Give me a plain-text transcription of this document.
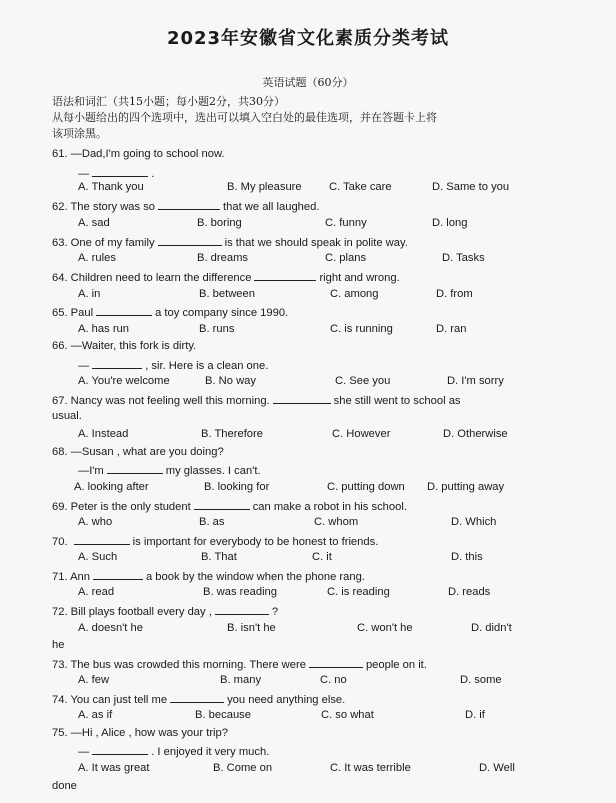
2023年安徽省文化素质分类考试
英语试题（60分）
语法和词汇（共15小题；每小题2分，共30分）
从每小题给出的四个选项中，选出可以填入空白处的最佳选项，并在答题卡上将
该项涂黑。
61. —Dad,I'm going to school now.
—	.
A. Thank you	B. My pleasure C. Take care	D. Same to you
62. The story was so	that we all laughed.
A. sad	B. boring	C. funny	D. long
63. One of my family	is that we should speak in polite way.
A. rules	B. dreams	C. plans	D. Tasks
64. Children need to learn the difference	right and wrong.
A. in	B. between	C. among	D. from
65. Paul	a toy company since 1990.
A. has run	B. runs	C. is running	D. ran
66. —Waiter, this fork is dirty.
—	, sir. Here is a clean one.
A. You're welcome	B. No way	C. See you	D. I'm sorry
67. Nancy was not feeling well this morning.	she still went to school as
usual.
A. Instead	B. Therefore	C. However	D. Otherwise
68. —Susan , what are you doing?
—I'm	my glasses. I can't.
A. looking after	B. looking for	C. putting down D. putting away
69. Peter is the only student	can make a robot in his school.
A. who	B. as	C. whom	D. Which
70.	is important for everybody to be honest to friends.
A. Such	B. That	C. it	D. this
71. Ann	a book by the window when the phone rang.
A. read	B. was reading	C. is reading	D. reads
72. Bill plays football every day ,	?
A. doesn't he	B. isn't he	C. won't he	D. didn't
he
73. The bus was crowded this morning. There were	people on it.
A. few	B. many	C. no	D. some
74. You can just tell me	you need anything else.
A. as if	B. because	C. so what	D. if
75. —Hi , Alice , how was your trip?
—	. I enjoyed it very much.
A. It was great	B. Come on	C. It was terrible	D. Well
done
